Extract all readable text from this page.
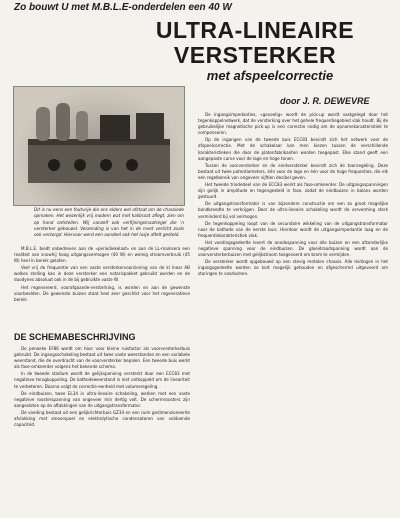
Zo bouwt U met M.B.L.E-onderdelen een 40 W
ULTRA-LINEAIRE
VERSTERKER
met afspeelcorrectie
door J. R. DEWEVRE
Dit is nu eens een foutvrije die ons elders wel afstaat om de chassiede opmaken. Het wezenlijk vrij modern wat met kalibraat aflegt, zien om op hand ontstellen. Wij vanzelf ook verfijningsmaatregel die 'n versterker gebouwd. Verzending is van het in de mest verlicht zoals ook verzorgd. Hiervoor werd een aandeel ook het lusje aftelt gesteld.

M.B.L.E. biedt onbedreven aan de «periodiekelast» en aan de LL-mainsera een realiteit van snowhij hoog uitgangsvermogen (40 W) en weinig stroomverbruik (45 W) heel in bereik gelaten.

Veel vrij de frequentie van een vaste versterkervoorziening van de kl lnear AB welkes stelling kan in deze versterker een notarispakket gebruikt worden en de duodynes absoluut ook in de bij gebruikte vaste W.

Het regenereerd, voorafgaande-versterking, is worden en aan de gewenste voorbeelden. De gewenste buizen staat heel zeer geschikt voor het regeneratieve bereik.

DE SCHEMABESCHRIJVING

De penoeke EF86 wordt om hoor voor kleine ruisfactor als voorversterkerbuis gebruikt. De ingangsschakeling bestaat uit twee vaste weerstanden en een variabele weerstand, die de overdracht van de voorversterker bepalen. Een tweede buis werkt als fase-omkeerder volgens het bekende schema.

In de tweede stadium wordt de gelijkspanning versterkt door een ECC83 met negatieve terugkoppeling. De kathodeweerstand is niet ontkoppeld om de lineariteit te verbeteren. Daarna volgt de correctie-eenheid met volumeregeling.

De eindbuizen, twee EL34 in ultra-lineaire schakeling, werken met een vaste negatieve roosterspanning van ongeveer min dertig volt. De schermroosters zijn aangesloten op de aftakkingen van de uitgangstransformator.

De voeding bestaat uit een gelijkrichterbuis GZ34 en een ruim gedimensioneerde afvlakking met smoorspoel en elektrolytische condensatoren van voldoende capaciteit.

De ingangsimpedanties, «gevoelig» wordt de pick-up wordt vastgelegd door het tegenkoppelnetwerk, dat de versterking over het gehele frequentiegebied vlak houdt. Bij de gebruikelijke magnetische pick-up is een correctie nodig om de opnamekarakteristiek te compenseren.

Op de ingangen van de tweede buis ECC83 bevindt zich het netwerk voor de afspeelcorrectie. Met de schakelaar kan men kiezen tussen de verschillende karakteristieken die door de platenfabrikanten worden toegepast. Elke stand geeft een aangepaste curve voor de lage en hoge tonen.

Tussen de voorversterker en de eindversterker bevindt zich de toonregeling. Deze bestaat uit twee potentiometers, één voor de lage en één voor de hoge frequenties, die elk een regelbereik van ongeveer vijftien decibel geven.

Het tweede triodedeel van de ECC83 werkt als fase-omkeerder. De uitgangsspanningen zijn gelijk in amplitude en tegengesteld in fase, zodat de eindbuizen in balans worden gestuurd.

De uitgangstransformator is van bijzondere constructie om een zo groot mogelijke bandbreedte te verkrijgen. Door de ultra-lineaire schakeling wordt de vervorming sterk verminderd bij vol vermogen.

De tegenkoppeling loopt van de secundaire wikkeling van de uitgangstransformator naar de kathode van de eerste buis. Hierdoor wordt de uitgangsimpedantie laag en de frequentiekarakteristiek vlak.

Het voedingsgedeelte levert de anodespanning voor alle buizen en een afzonderlijke negatieve spanning voor de eindbuizen. De gloeidraadspanning wordt aan de voorversterkerbuizen met gelijkstroom toegevoerd om brom te vermijden.

De versterker wordt opgebouwd op een stevig metalen chassis. Alle leidingen in het ingangsgedeelte worden zo kort mogelijk gehouden en afgeschermd uitgevoerd om storingen te voorkomen.
